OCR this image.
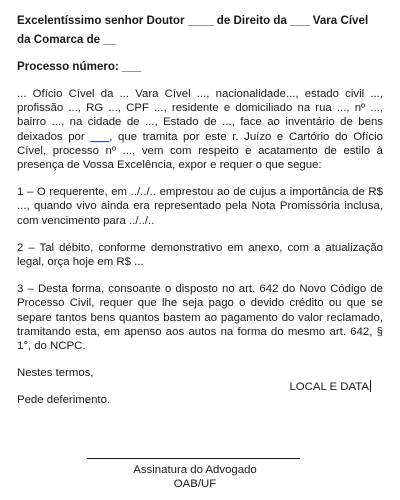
Excelentíssimo senhor Doutor ____ de Direito da ___ Vara Cível da Comarca de __

Processo número: ___

... Ofício Cível da ... Vara Cível ..., nacionalidade..., estado civil ..., profissão ..., RG ..., CPF ..., residente e domiciliado na rua ..., nº ..., bairro ..., na cidade de ..., Estado de ..., face ao inventário de bens deixados por ___, que tramita por este r. Juízo e Cartório do Ofício Cível, processo nº ..., vem com respeito e acatamento de estilo à presença de Vossa Excelência, expor e requer o que segue:

1 – O requerente, em ../../.. emprestou ao de cujus a importância de R$ ..., quando vivo ainda era representado pela Nota Promissória inclusa, com vencimento para ../../..

2 – Tal débito, conforme demonstrativo em anexo, com a atualização legal, orça hoje em R$ ...

3 – Desta forma, consoante o disposto no art. 642 do Novo Código de Processo Civil, requer que lhe seja pago o devido crédito ou que se separe tantos bens quantos bastem ao pagamento do valor reclamado, tramitando esta, em apenso aos autos na forma do mesmo art. 642, § 1°, do NCPC.

Nestes termos,

Pede deferimento.

LOCAL E DATA
Assinatura do Advogado
OAB/UF
